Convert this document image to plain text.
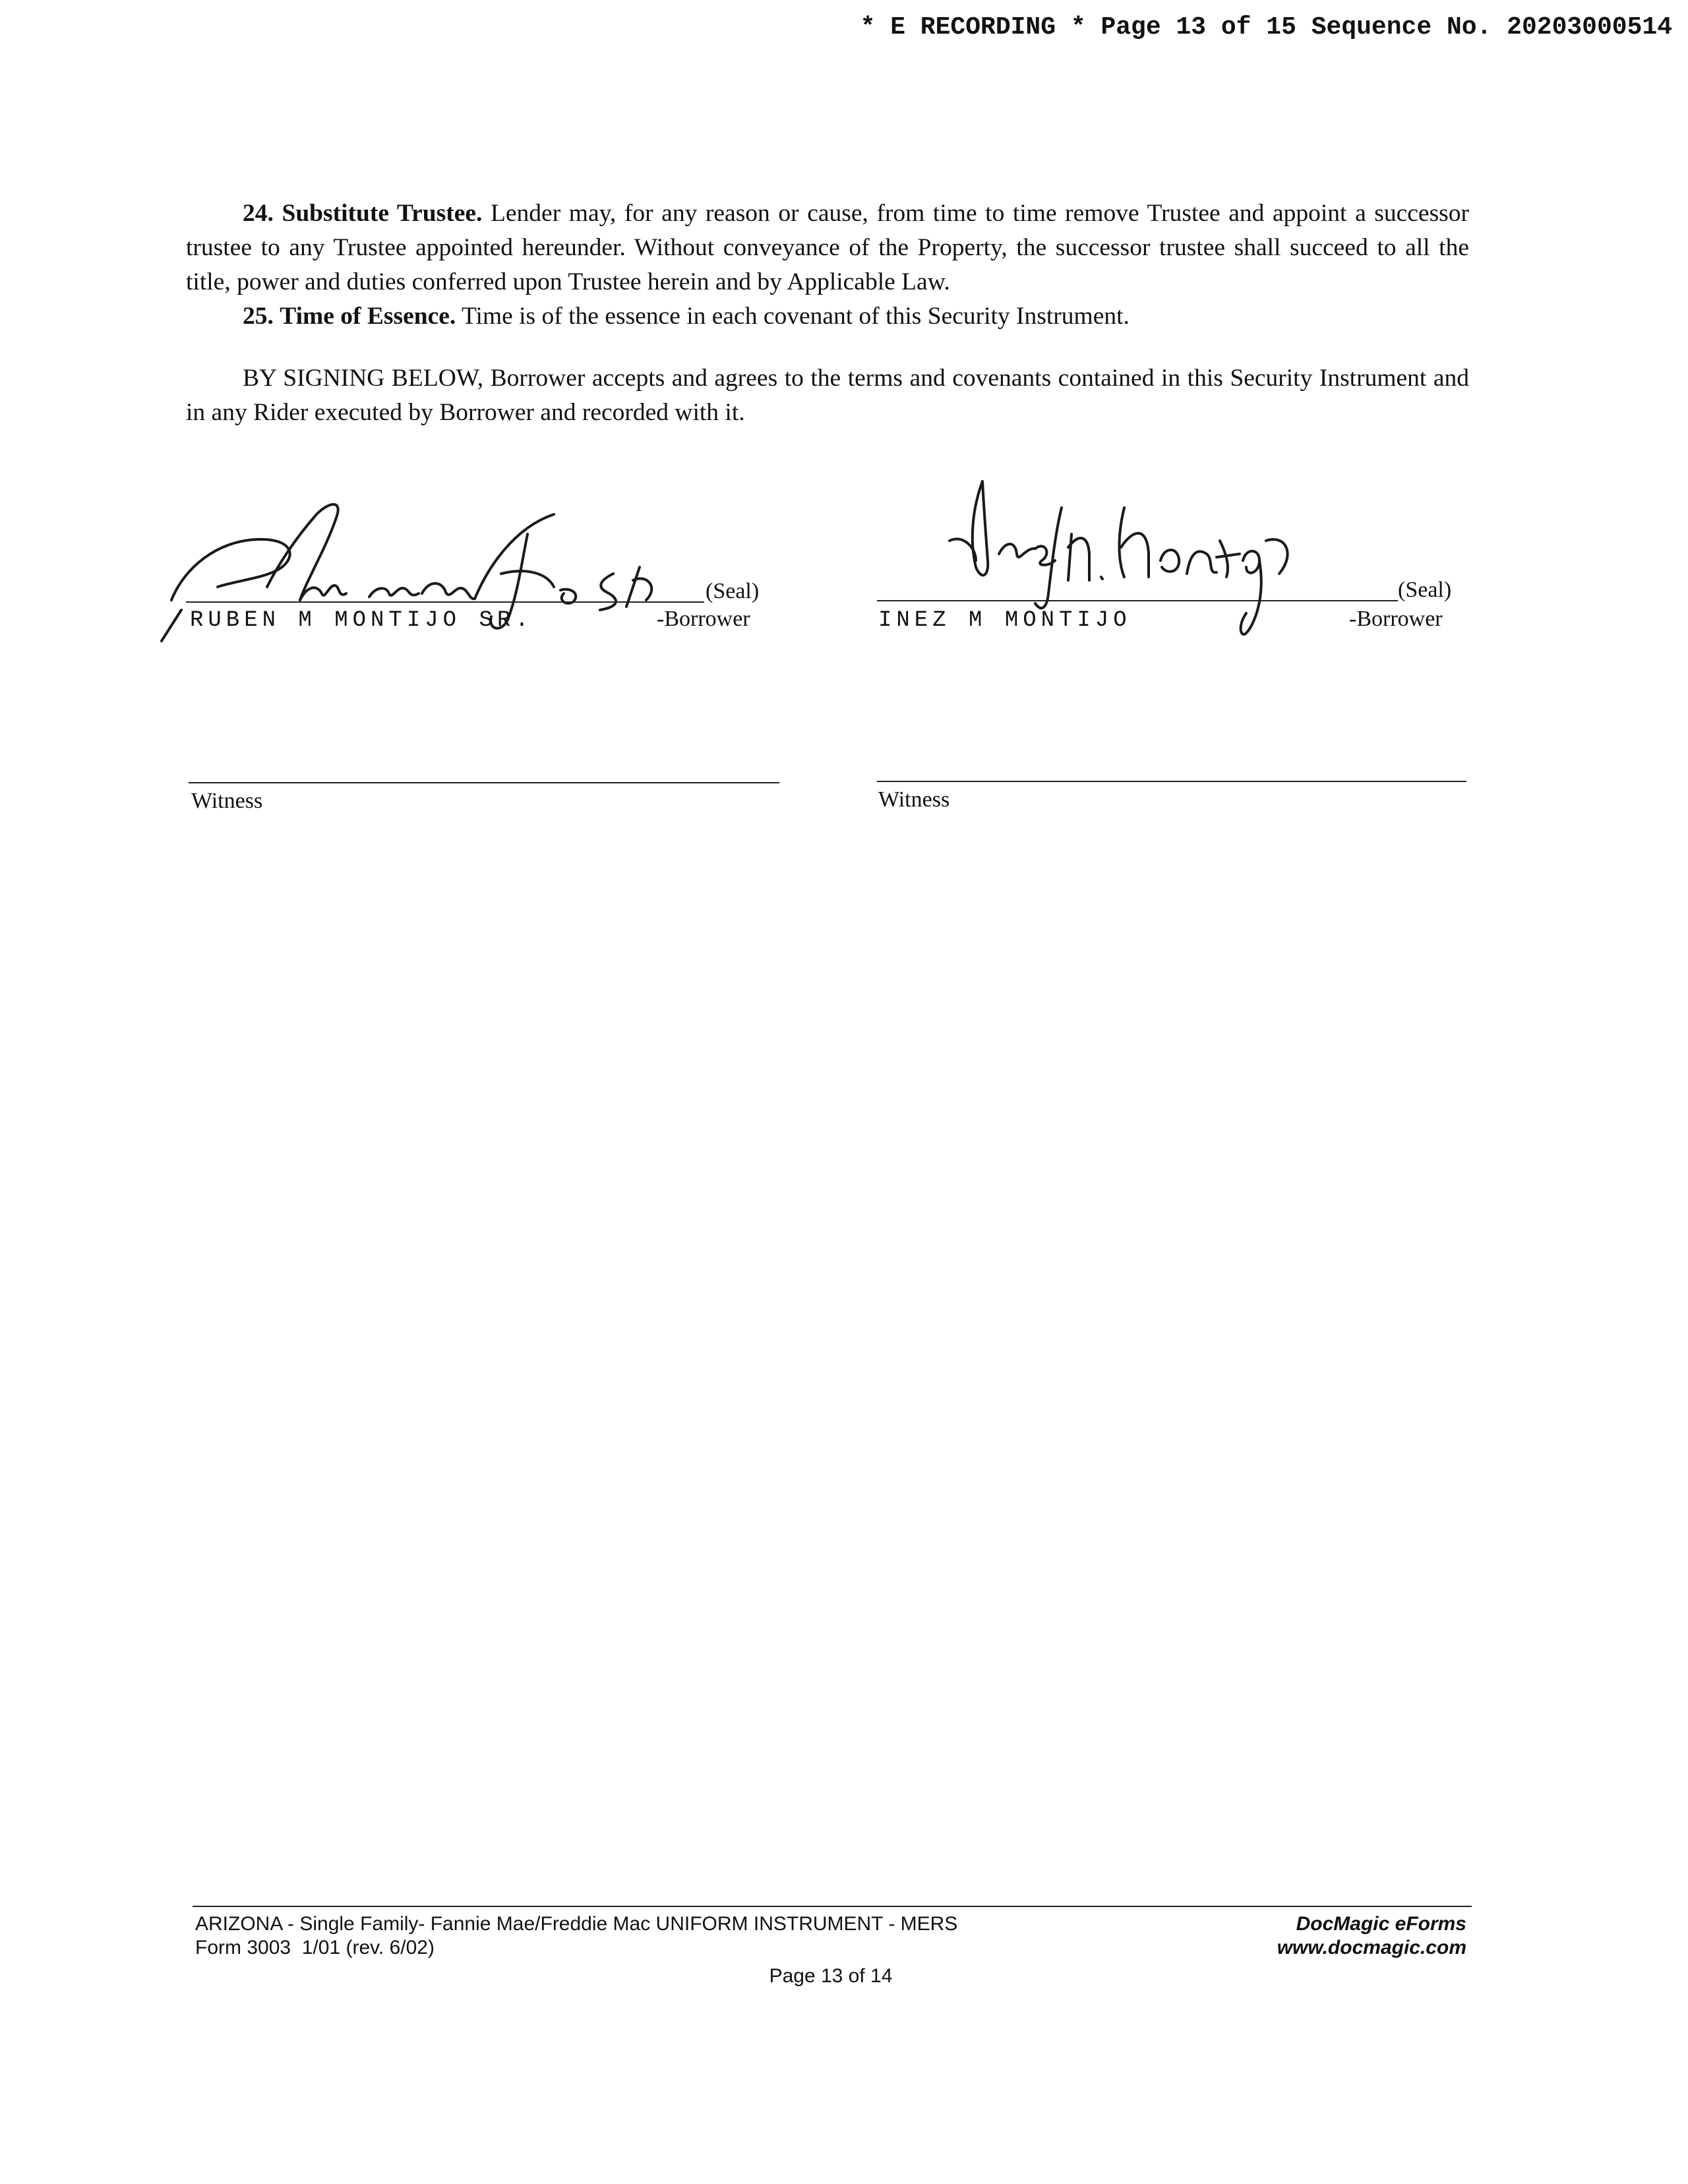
* E RECORDING * Page 13 of 15 Sequence No. 20203000514

24. Substitute Trustee. Lender may, for any reason or cause, from time to time remove Trustee and appoint a successor trustee to any Trustee appointed hereunder. Without conveyance of the Property, the successor trustee shall succeed to all the title, power and duties conferred upon Trustee herein and by Applicable Law.

25. Time of Essence. Time is of the essence in each covenant of this Security Instrument.

BY SIGNING BELOW, Borrower accepts and agrees to the terms and covenants contained in this Security Instrument and in any Rider executed by Borrower and recorded with it.

(Seal)
RUBEN M MONTIJO SR.	-Borrower
(Seal)
INEZ M MONTIJO	-Borrower
Witness	Witness
ARIZONA - Single Family- Fannie Mae/Freddie Mac UNIFORM INSTRUMENT - MERS
Form 3003  1/01 (rev. 6/02)
DocMagic eForms
www.docmagic.com
Page 13 of 14
